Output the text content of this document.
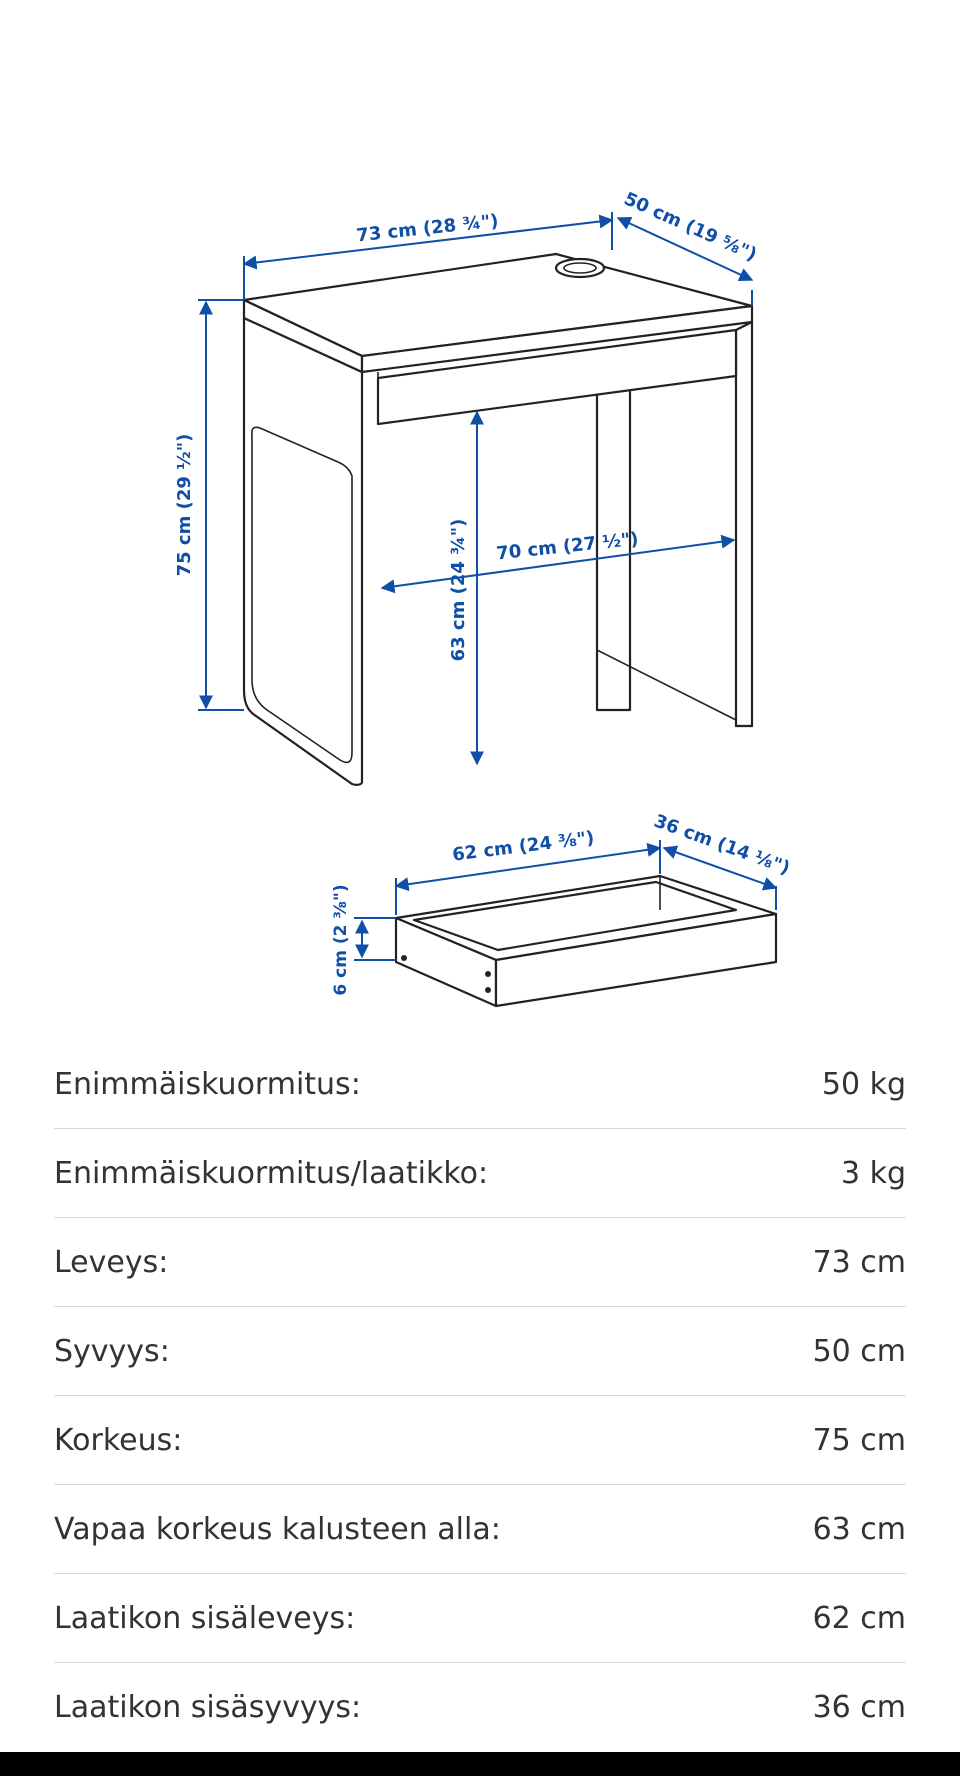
73 cm (28 ¾")	50 cm (19 ⅝")
75 cm (29 ½")
63 cm (24 ¾") 70 cm (27 ½")
62 cm (24 ⅜")	36 cm (14 ⅛")
6 cm (2 ⅜")
Enimmäiskuormitus:	50 kg
Enimmäiskuormitus/laatikko:	3 kg
Leveys:	73 cm
Syvyys:	50 cm
Korkeus:	75 cm
Vapaa korkeus kalusteen alla:	63 cm
Laatikon sisäleveys:	62 cm
Laatikon sisäsyvyys:	36 cm
